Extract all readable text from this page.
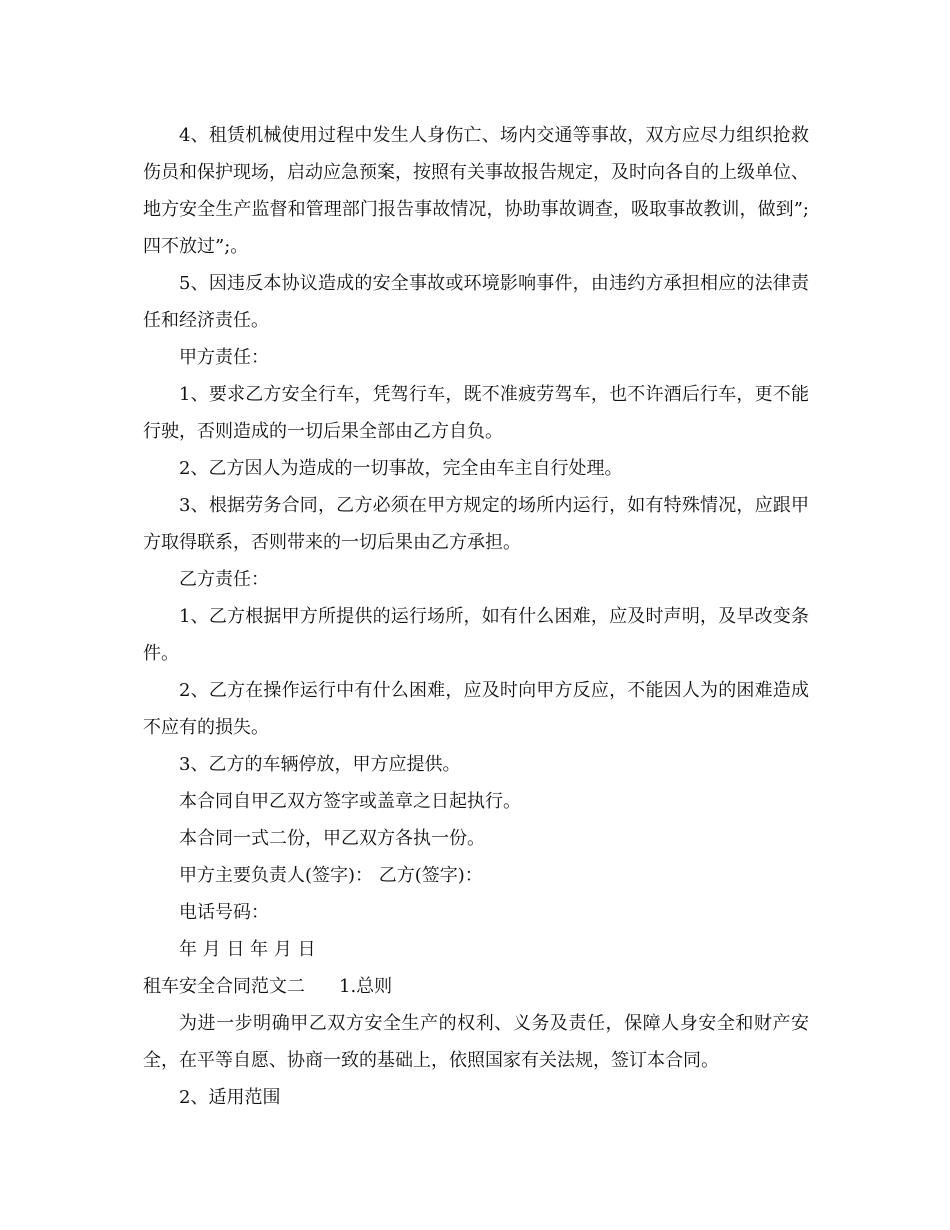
4、租赁机械使用过程中发生人身伤亡、场内交通等事故，双方应尽力组织抢救伤员和保护现场，启动应急预案，按照有关事故报告规定，及时向各自的上级单位、地方安全生产监督和管理部门报告事故情况，协助事故调查，吸取事故教训，做到”;四不放过”;。

5、因违反本协议造成的安全事故或环境影响事件，由违约方承担相应的法律责任和经济责任。

甲方责任：

1、要求乙方安全行车，凭驾行车，既不准疲劳驾车，也不许酒后行车，更不能行驶，否则造成的一切后果全部由乙方自负。

2、乙方因人为造成的一切事故，完全由车主自行处理。

3、根据劳务合同，乙方必须在甲方规定的场所内运行，如有特殊情况，应跟甲方取得联系，否则带来的一切后果由乙方承担。

乙方责任：

1、乙方根据甲方所提供的运行场所，如有什么困难，应及时声明，及早改变条件。

2、乙方在操作运行中有什么困难，应及时向甲方反应，不能因人为的困难造成不应有的损失。

3、乙方的车辆停放，甲方应提供。

本合同自甲乙双方签字或盖章之日起执行。

本合同一式二份，甲乙双方各执一份。

甲方主要负责人(签字)： 乙方(签字)：

电话号码：

年 月 日 年 月 日

租车安全合同范文二 1.总则

为进一步明确甲乙双方安全生产的权利、义务及责任，保障人身安全和财产安全，在平等自愿、协商一致的基础上，依照国家有关法规，签订本合同。

2、适用范围
